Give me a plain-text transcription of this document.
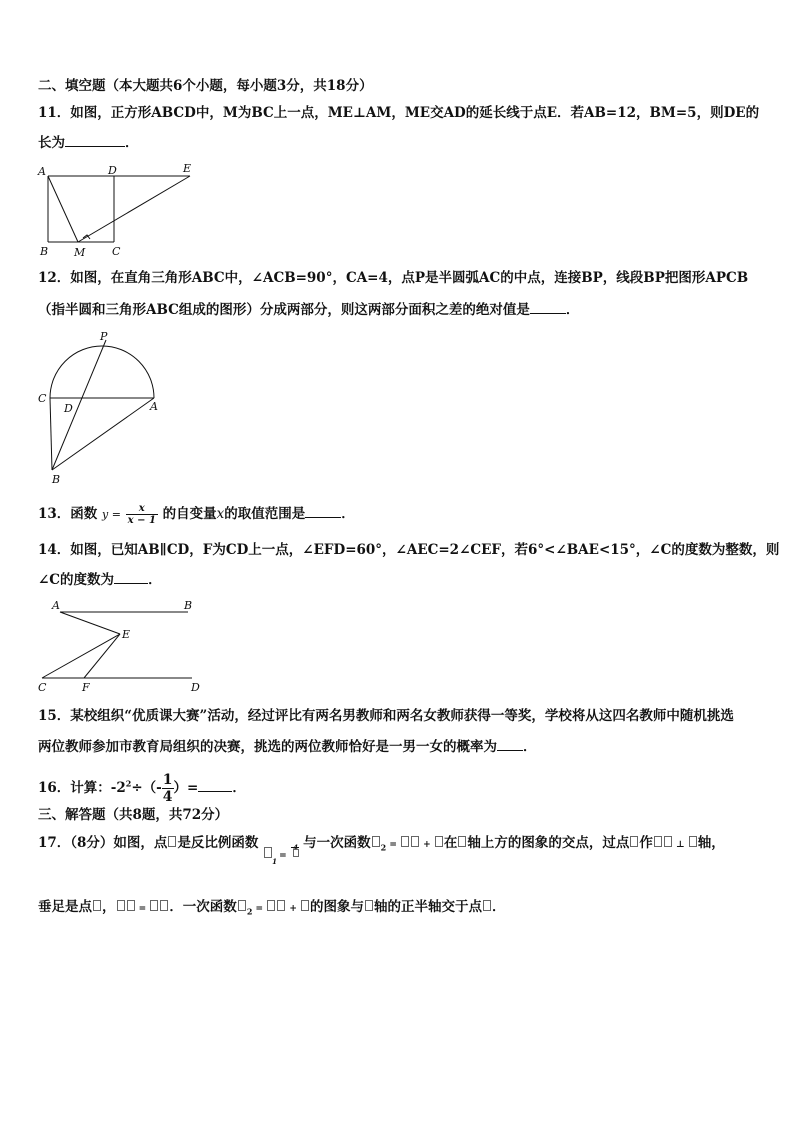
二、填空题（本大题共6个小题，每小题3分，共18分）
11．如图，正方形ABCD中，M为BC上一点，ME⊥AM，ME交AD的延长线于点E．若AB=12，BM=5，则DE的
长为	．
A	D	E
B M C
12．如图，在直角三角形ABC中，∠ACB=90°，CA=4，点P是半圆弧AC的中点，连接BP，线段BP把图形APCB
（指半圆和三角形ABC组成的图形）分成两部分，则这两部分面积之差的绝对值是	．
P
C
D	A
B
13．函数 $y = \frac{x}{x - 1}$ 的自变量x的取值范围是	．
14．如图，已知AB∥CD，F为CD上一点，∠EFD=60°，∠AEC=2∠CEF，若6°<∠BAE<15°，∠C的度数为整数，则
∠C的度数为	．
A	B
E
C	F	D
15．某校组织“优质课大赛”活动，经过评比有两名男教师和两名女教师获得一等奖，学校将从这四名教师中随机挑选
两位教师参加市教育局组织的决赛，挑选的两位教师恰好是一男一女的概率为 ．
16．计算：$-2^2\div(- \frac{1}{4}$ ）=	．
三、解答题（共8题，共72分）
17．（8分）如图，点 是反比例函数
1
=
4 与一次函数 $_2$ =  + 在 轴上方的图象的交点，过点 作 ⊥ 轴，
垂足是点 ， = ．一次函数 $_2$ =  + 的图象与 轴的正半轴交于点 ．
